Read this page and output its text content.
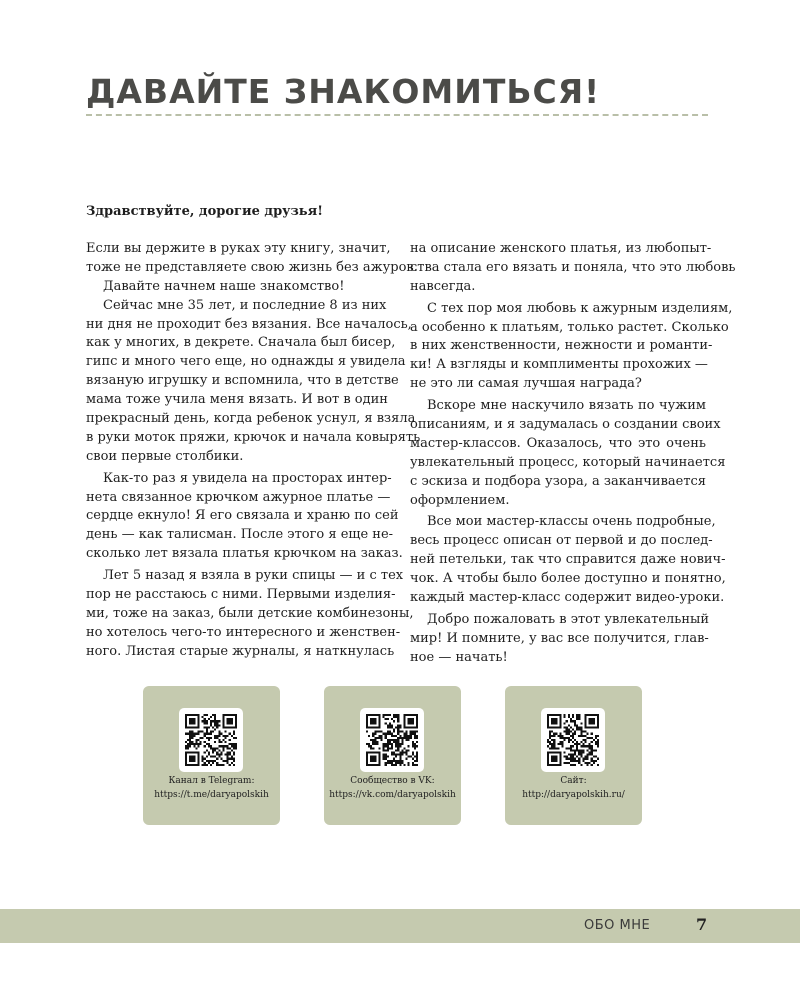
ДАВАЙТЕ ЗНАКОМИТЬСЯ!

Здравствуйте, дорогие друзья!

Если вы держите в руках эту книгу, значит,
тоже не представляете свою жизнь без ажуров.
Давайте начнем наше знакомство!
Сейчас мне 35 лет, и последние 8 из них
ни дня не проходит без вязания. Все началось,
как у многих, в декрете. Сначала был бисер,
гипс и много чего еще, но однажды я увидела
вязаную игрушку и вспомнила, что в детстве
мама тоже учила меня вязать. И вот в один
прекрасный день, когда ребенок уснул, я взяла
в руки моток пряжи, крючок и начала ковырять
свои первые столбики.
Как-то раз я увидела на просторах интер-
нета связанное крючком ажурное платье —
сердце екнуло! Я его связала и храню по сей
день — как талисман. После этого я еще не-
сколько лет вязала платья крючком на заказ.
Лет 5 назад я взяла в руки спицы — и с тех
пор не расстаюсь с ними. Первыми изделия-
ми, тоже на заказ, были детские комбинезоны,
но хотелось чего-то интересного и женствен-
ного. Листая старые журналы, я наткнулась
на описание женского платья, из любопыт-
ства стала его вязать и поняла, что это любовь
навсегда.
С тех пор моя любовь к ажурным изделиям,
а особенно к платьям, только растет. Сколько
в них женственности, нежности и романти-
ки! А взгляды и комплименты прохожих —
не это ли самая лучшая награда?
Вскоре мне наскучило вязать по чужим
описаниям, и я задумалась о создании своих
мастер-классов. Оказалось, что это очень
увлекательный процесс, который начинается
с эскиза и подбора узора, а заканчивается
оформлением.
Все мои мастер-классы очень подробные,
весь процесс описан от первой и до послед-
ней петельки, так что справится даже нович-
чок. А чтобы было более доступно и понятно,
каждый мастер-класс содержит видео-уроки.
Добро пожаловать в этот увлекательный
мир! И помните, у вас все получится, глав-
ное — начать!
Канал в Telegram:
https://t.me/daryapolskih
Сообщество в VK:
https://vk.com/daryapolskih
Сайт:
http://daryapolskih.ru/
ОБО МНЕ	7
